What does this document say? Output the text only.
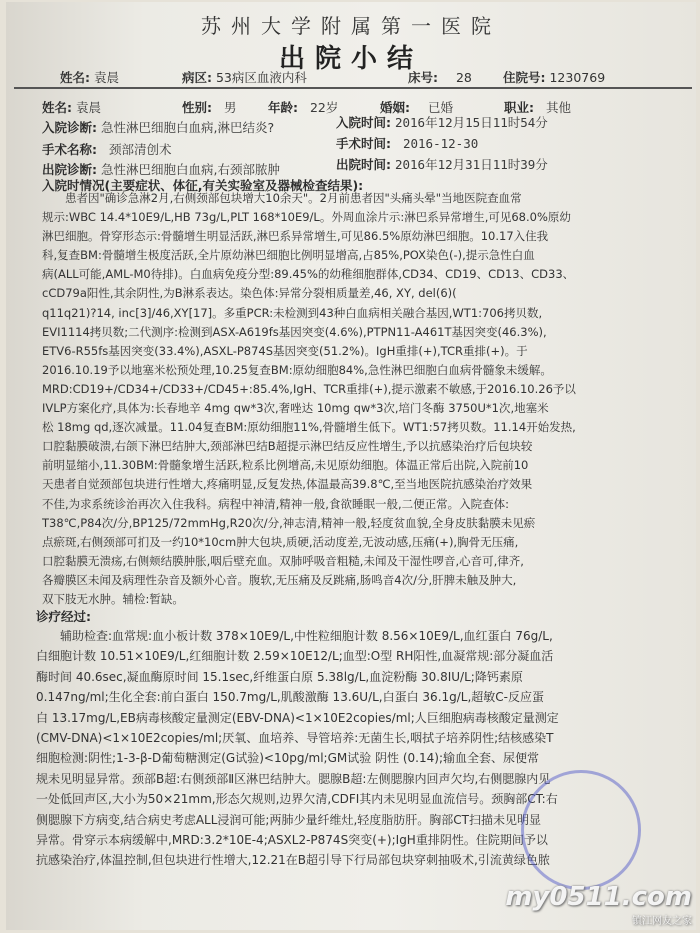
苏州大学附属第一医院
出院小结
姓名: 袁晨	病区: 53病区血液内科	床号: 28 住院号: 1230769
姓名: 袁晨	性别: 男	年龄: 22岁	婚姻: 已婚	职业: 其他
入院诊断: 急性淋巴细胞白血病,淋巴结炎?	入院时间: 2016年12月15日11时54分
手术名称: 颈部清创术	手术时间: 2016-12-30
出院诊断: 急性淋巴细胞白血病,右颈部脓肿	出院时间: 2016年12月31日11时39分
入院时情况(主要症状、体征,有关实验室及器械检查结果):
　　患者因"确诊急淋2月,右侧颈部包块增大10余天"。2月前患者因"头痛头晕"当地医院查血常
规示:WBC 14.4*10E9/L,HB 73g/L,PLT 168*10E9/L。外周血涂片示:淋巴系异常增生,可见68.0%原幼
淋巴细胞。骨穿形态示:骨髓增生明显活跃,淋巴系异常增生,可见86.5%原幼淋巴细胞。10.17入住我
科,复查BM:骨髓增生极度活跃,全片原幼淋巴细胞比例明显增高,占85%,POX染色(-),提示急性白血
病(ALL可能,AML-M0待排)。白血病免疫分型:89.45%的幼稚细胞群体,CD34、CD19、CD13、CD33、
cCD79a阳性,其余阴性,为B淋系表达。染色体:异常分裂相质量差,46, XY, del(6)(
q11q21)?14, inc[3]/46,XY[17]。多重PCR:未检测到43种白血病相关融合基因,WT1:706拷贝数,
EVI1114拷贝数;二代测序:检测到ASX-A619fs基因突变(4.6%),PTPN11-A461T基因突变(46.3%),
ETV6-R55fs基因突变(33.4%),ASXL-P874S基因突变(51.2%)。IgH重排(+),TCR重排(+)。于
2016.10.19予以地塞米松预处理,10.25复查BM:原幼细胞84%,急性淋巴细胞白血病骨髓象未缓解。
MRD:CD19+/CD34+/CD33+/CD45+:85.4%,IgH、TCR重排(+),提示激素不敏感,于2016.10.26予以
IVLP方案化疗,具体为:长春地辛 4mg qw*3次,奢唑达 10mg qw*3次,培门冬酶 3750U*1次,地塞米
松 18mg qd,逐次减量。11.04复查BM:原幼细胞11%,骨髓增生低下。WT1:57拷贝数。11.14开始发热,
口腔黏膜破溃,右颌下淋巴结肿大,颈部淋巴结B超提示淋巴结反应性增生,予以抗感染治疗后包块较
前明显缩小,11.30BM:骨髓象增生活跃,粒系比例增高,未见原幼细胞。体温正常后出院,入院前10
天患者自觉颈部包块进行性增大,疼痛明显,反复发热,体温最高39.8℃,至当地医院抗感染治疗效果
不佳,为求系统诊治再次入住我科。病程中神清,精神一般,食欲睡眠一般,二便正常。入院查体:
T38℃,P84次/分,BP125/72mmHg,R20次/分,神志清,精神一般,轻度贫血貌,全身皮肤黏膜未见瘀
点瘀斑,右侧颈部可扪及一约10*10cm肿大包块,质硬,活动度差,无波动感,压痛(+),胸骨无压痛,
口腔黏膜无溃疡,右侧颊结膜肿胀,咽后壁充血。双肺呼吸音粗糙,未闻及干湿性啰音,心音可,律齐,
各瓣膜区未闻及病理性杂音及额外心音。腹软,无压痛及反跳痛,肠鸣音4次/分,肝脾未触及肿大,
双下肢无水肿。辅检:暂缺。
诊疗经过:
　　辅助检查:血常规:血小板计数 378×10E9/L,中性粒细胞计数 8.56×10E9/L,血红蛋白 76g/L,
白细胞计数 10.51×10E9/L,红细胞计数 2.59×10E12/L;血型:O型 RH阳性,血凝常规:部分凝血活
酶时间 40.6sec,凝血酶原时间 15.1sec,纤维蛋白原 5.38lg/L,血淀粉酶 30.8IU/L;降钙素原
0.147ng/ml;生化全套:前白蛋白 150.7mg/L,肌酸激酶 13.6U/L,白蛋白 36.1g/L,超敏C-反应蛋
白 13.17mg/L,EB病毒核酸定量测定(EBV-DNA)<1×10E2copies/ml;人巨细胞病毒核酸定量测定
(CMV-DNA)<1×10E2copies/ml;厌氧、血培养、导管培养:无菌生长,咽拭子培养阴性;结核感染T
细胞检测:阴性;1-3-β-D葡萄糖测定(G试验)<10pg/ml;GM试验 阴性 (0.14);输血全套、尿便常
规未见明显异常。颈部B超:右侧颈部Ⅱ区淋巴结肿大。腮腺B超:左侧腮腺内回声欠均,右侧腮腺内见
一处低回声区,大小为50×21mm,形态欠规则,边界欠清,CDFI其内未见明显血流信号。颈胸部CT:右
侧腮腺下方病变,结合病史考虑ALL浸润可能;两肺少量纤维灶,轻度脂肪肝。胸部CT扫描未见明显
异常。骨穿示本病缓解中,MRD:3.2*10E-4;ASXL2-P874S突变(+);IgH重排阴性。住院期间予以
抗感染治疗,体温控制,但包块进行性增大,12.21在B超引导下行局部包块穿刺抽吸术,引流黄绿色脓
my0511.com
镇江网友之家
